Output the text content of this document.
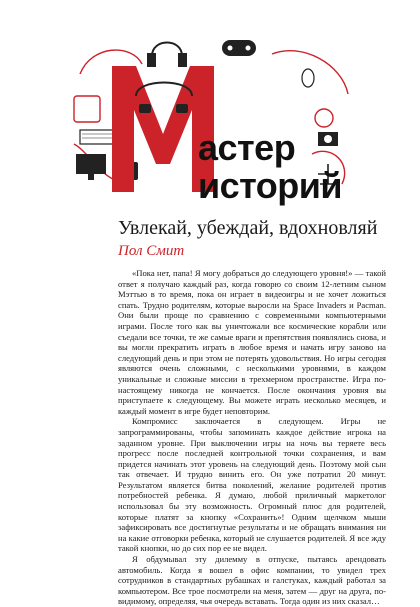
астер
историй
Увлекай, убеждай, вдохновляй
Пол Смит

«Пока нет, папа! Я могу добраться до следующего уровня!» — такой ответ я получаю каждый раз, когда говорю со своим 12-летним сыном Мэттью в то время, пока он играет в видеоигры и не хочет ложиться спать. Трудно родителям, которые выросли на Space Invaders и Pacman. Они были проще по сравнению с современными компьютерными играми. После того как вы уничтожали все космические корабли или съедали все точки, те же самые враги и препятствия появлялись снова, и вы могли прекратить играть в любое время и начать игру заново на следующий день и при этом не потерять удовольствия. Но игры сегодня являются очень сложными, с несколькими уровнями, в каждом уникальные и сложные миссии в трехмерном пространстве. Игра по-настоящему никогда не кончается. После окончания уровня вы приступаете к следующему. Вы можете играть несколько месяцев, и каждый момент в игре будет неповторим.

Компромисс заключается в следующем. Игры не запрограммированы, чтобы запоминать каждое действие игрока на заданном уровне. При выключении игры на ночь вы теряете весь прогресс после последней контрольной точки сохранения, и вам придется начинать этот уровень на следующий день. Поэтому мой сын так отвечает. И трудно винить его. Он уже потратил 20 минут. Результатом является битва поколений, желание родителей против потребностей ребенка. Я думаю, любой приличный маркетолог использовал бы эту возможность. Огромный плюс для родителей, которые платят за кнопку «Сохранить»! Одним щелчком мыши зафиксировать все достигнутые результаты и не обращать внимания ни на какие отговорки ребенка, который не слушается родителей. Я все жду такой кнопки, но до сих пор ее не видел.

Я обдумывал эту дилемму в отпуске, пытаясь арендовать автомобиль. Когда я вошел в офис компании, то увидел трех сотрудников в стандартных рубашках и галстуках, каждый работал за компьютером. Все трое посмотрели на меня, затем — друг на друга, по-видимому, определяя, чья очередь вставать. Тогда один из них сказал…
